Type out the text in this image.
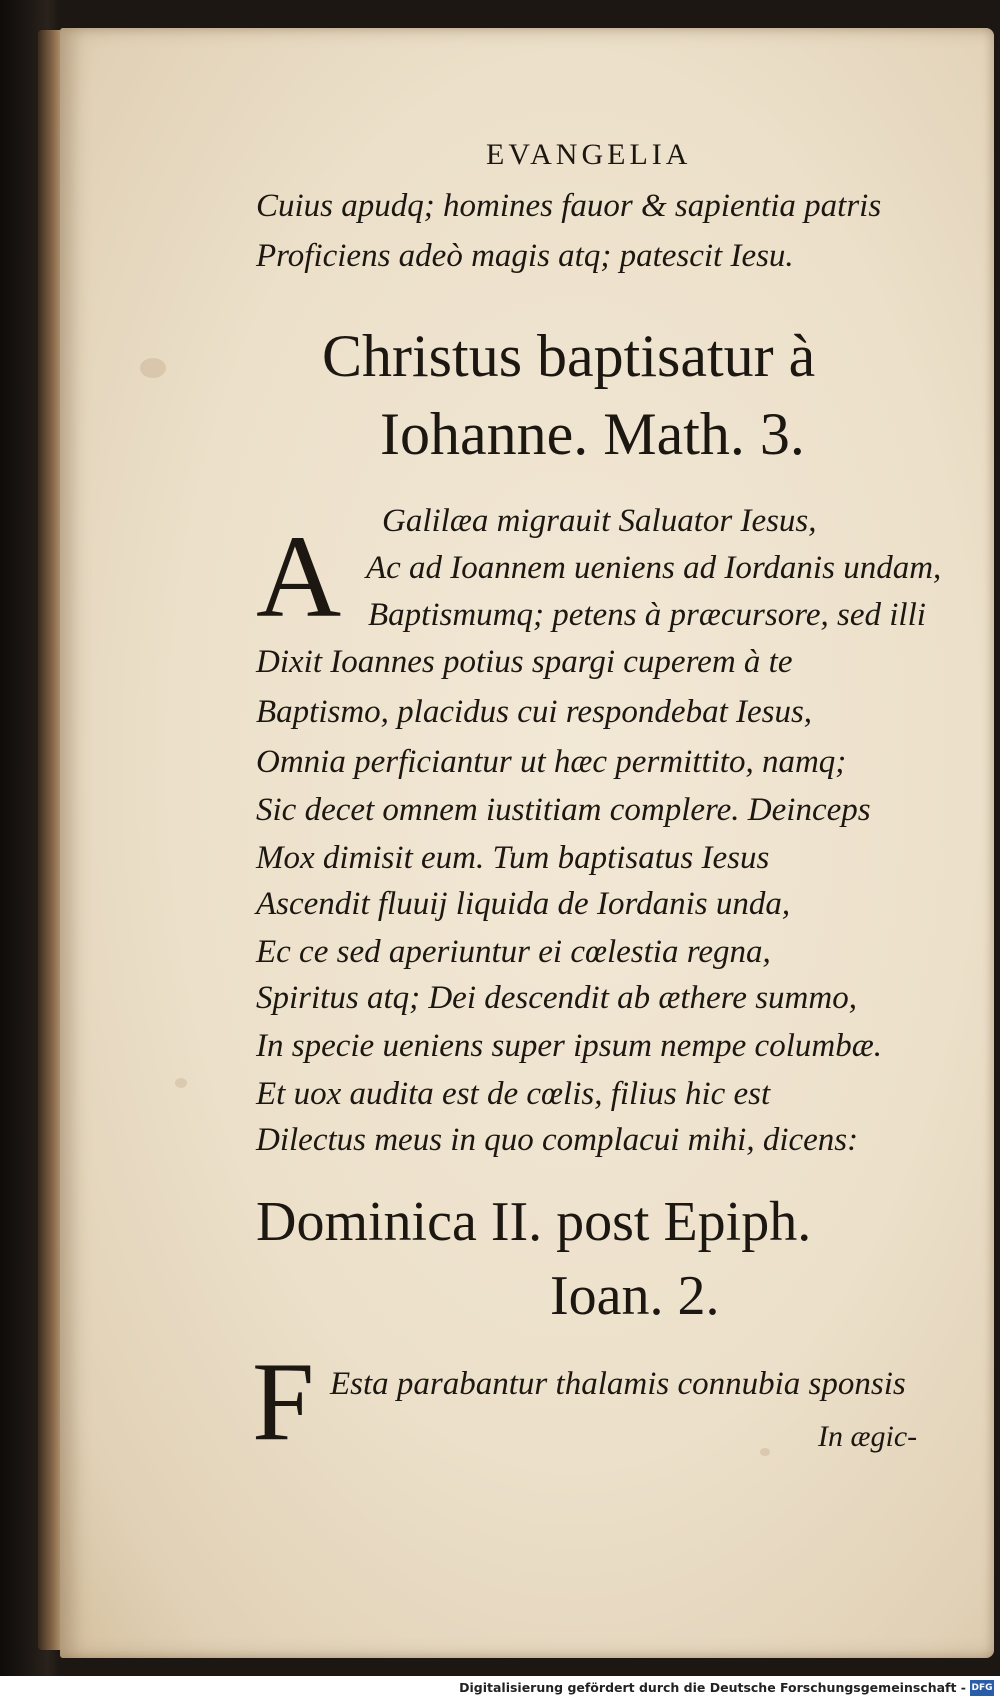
EVANGELIA
Cuius apudq; homines fauor & sapientia patris
Proficiens adeò magis atq; patescit Iesu.
Christus baptisatur à
Iohanne. Math. 3.
A Galilæa migrauit Saluator Iesus,
Ac ad Ioannem ueniens ad Iordanis undam,
Baptismumq; petens à præcursore, sed illi
Dixit Ioannes potius spargi cuperem à te
Baptismo, placidus cui respondebat Iesus,
Omnia perficiantur ut hæc permittito, namq;
Sic decet omnem iustitiam complere. Deinceps
Mox dimisit eum. Tum baptisatus Iesus
Ascendit fluuij liquida de Iordanis unda,
Ec ce sed aperiuntur ei cœlestia regna,
Spiritus atq; Dei descendit ab æthere summo,
In specie ueniens super ipsum nempe columbæ.
Et uox audita est de cœlis, filius hic est
Dilectus meus in quo complacui mihi, dicens:
Dominica II. post Epiph.
Ioan. 2.
F Esta parabantur thalamis connubia sponsis
In ægic-
Digitalisierung gefördert durch die Deutsche Forschungsgemeinschaft - DFG
